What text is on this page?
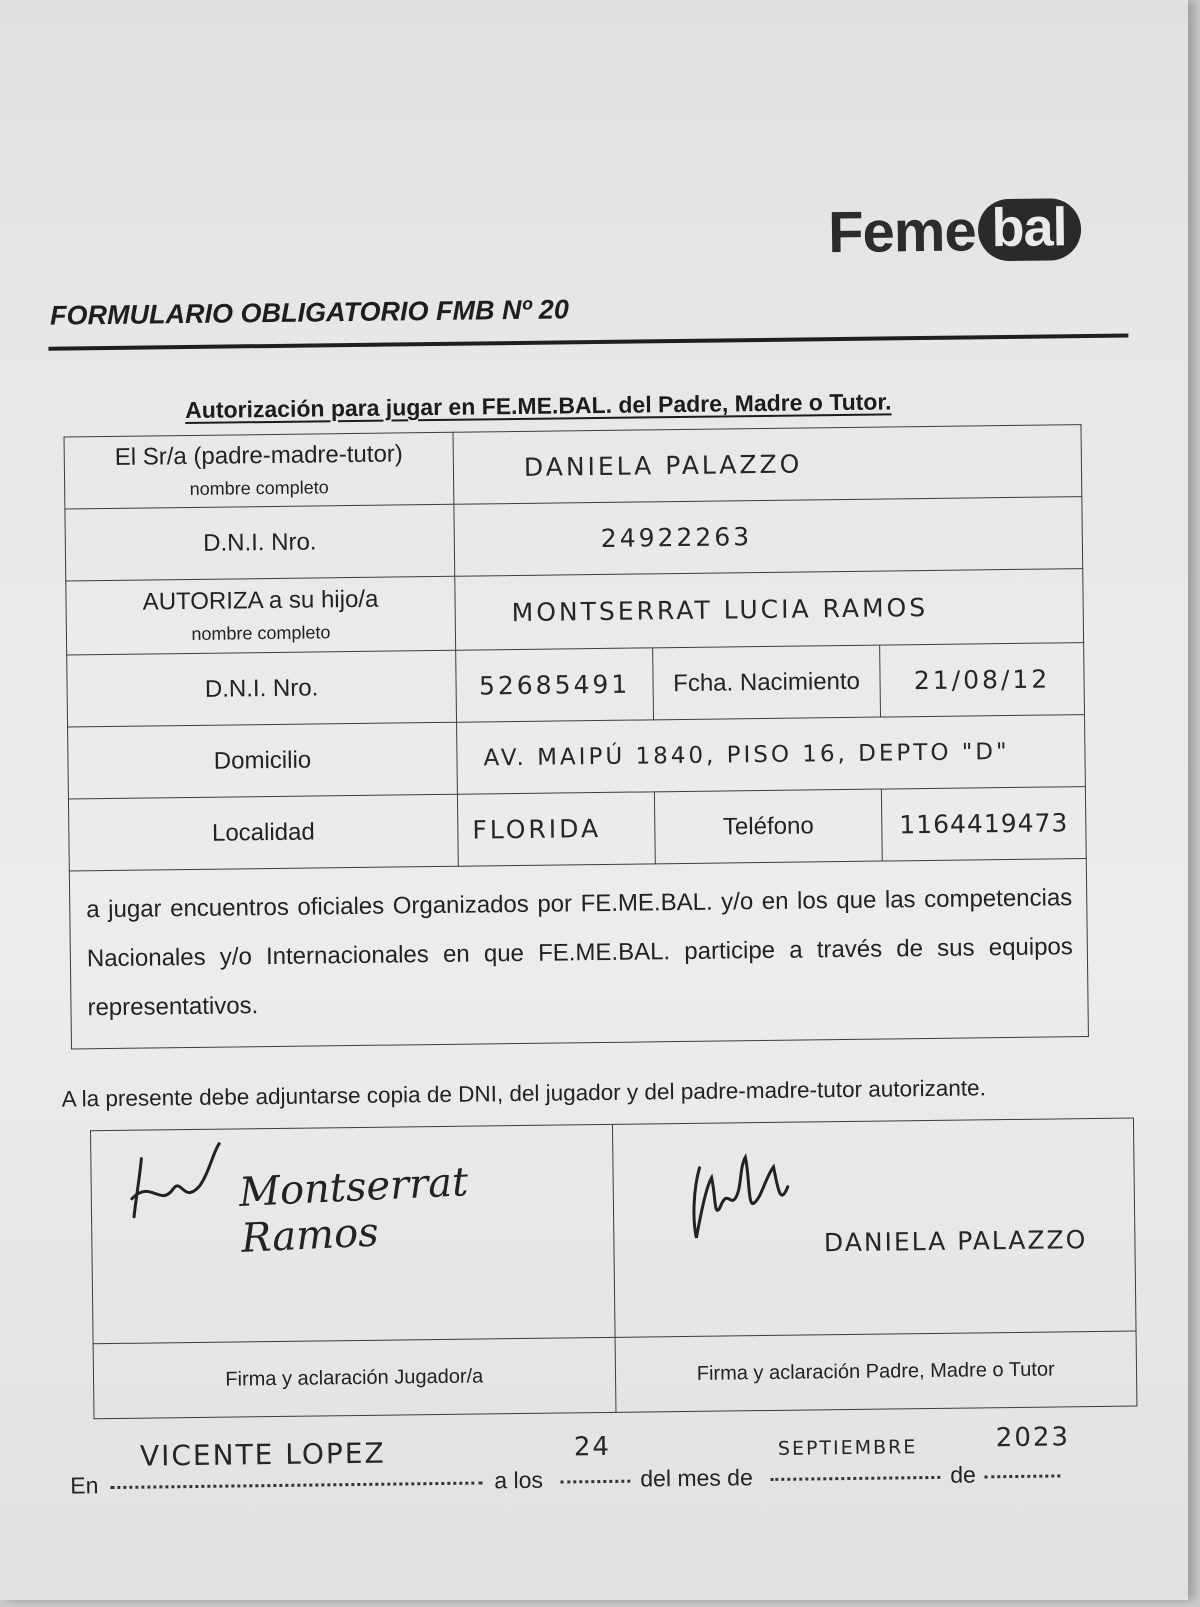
Feme bal
FORMULARIO OBLIGATORIO FMB Nº 20
Autorización para jugar en FE.ME.BAL. del Padre, Madre o Tutor.
El Sr/a (padre-madre-tutor)
nombre completo	DANIELA PALAZZO		
D.N.I. Nro.	24922263		
AUTORIZA a su hijo/a
nombre completo	MONTSERRAT LUCIA RAMOS		
D.N.I. Nro.	52685491	Fcha. Nacimiento	21/08/12
Domicilio	AV. MAIPÚ 1840, PISO 16, DEPTO "D"		
Localidad	FLORIDA	Teléfono	1164419473
a jugar encuentros oficiales Organizados por FE.ME.BAL. y/o en los que las competencias Nacionales y/o Internacionales en que FE.ME.BAL. participe a través de sus equipos representativos.			
A la presente debe adjuntarse copia de DNI, del jugador y del padre-madre-tutor autorizante.
Montserrat Ramos	DANIELA PALAZZO

Firma y aclaración Jugador/a	Firma y aclaración Padre, Madre o Tutor
En
VICENTE LOPEZ
a los
24
del mes de
SEPTIEMBRE
de
2023
